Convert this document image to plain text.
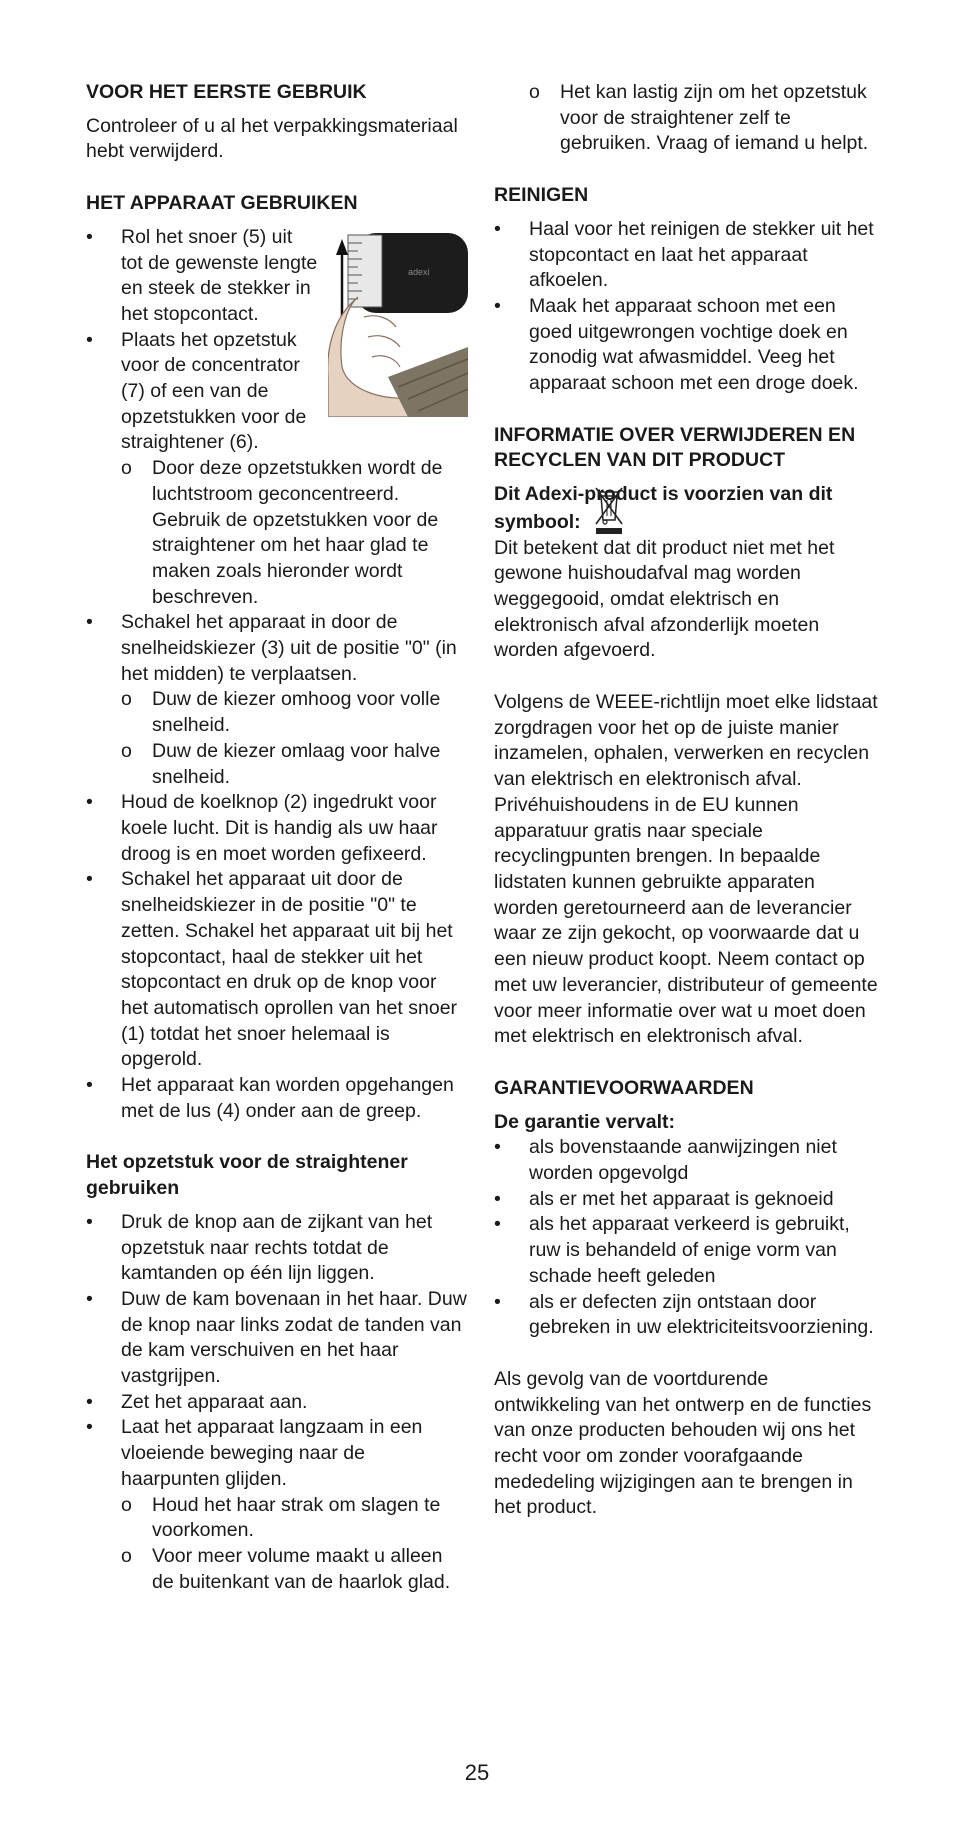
VOOR HET EERSTE GEBRUIK

Controleer of u al het verpakkingsmateriaal hebt verwijderd.

HET APPARAAT GEBRUIKEN
• adexi
Rol het snoer (5) uit tot de gewenste lengte en steek de stekker in het stopcontact.
• Plaats het opzetstuk voor de concentrator (7) of een van de opzetstukken voor de straightener (6).
o Door deze opzetstukken wordt de luchtstroom geconcentreerd. Gebruik de opzetstukken voor de straightener om het haar glad te maken zoals hieronder wordt beschreven.
• Schakel het apparaat in door de snelheidskiezer (3) uit de positie "0" (in het midden) te verplaatsen.
o Duw de kiezer omhoog voor volle snelheid.
o Duw de kiezer omlaag voor halve snelheid.
• Houd de koelknop (2) ingedrukt voor koele lucht. Dit is handig als uw haar droog is en moet worden gefixeerd.
• Schakel het apparaat uit door de snelheidskiezer in de positie "0" te zetten. Schakel het apparaat uit bij het stopcontact, haal de stekker uit het stopcontact en druk op de knop voor het automatisch oprollen van het snoer (1) totdat het snoer helemaal is opgerold.
• Het apparaat kan worden opgehangen met de lus (4) onder aan de greep.
Het opzetstuk voor de straightener gebruiken
• Druk de knop aan de zijkant van het opzetstuk naar rechts totdat de kamtanden op één lijn liggen.
• Duw de kam bovenaan in het haar. Duw de knop naar links zodat de tanden van de kam verschuiven en het haar vastgrijpen.
• Zet het apparaat aan.
• Laat het apparaat langzaam in een vloeiende beweging naar de haarpunten glijden.
o Houd het haar strak om slagen te voorkomen.
o Voor meer volume maakt u alleen de buitenkant van de haarlok glad.
o Het kan lastig zijn om het opzetstuk voor de straightener zelf te gebruiken. Vraag of iemand u helpt.
REINIGEN
• Haal voor het reinigen de stekker uit het stopcontact en laat het apparaat afkoelen.
• Maak het apparaat schoon met een goed uitgewrongen vochtige doek en zonodig wat afwasmiddel. Veeg het apparaat schoon met een droge doek.
INFORMATIE OVER VERWIJDEREN EN RECYCLEN VAN DIT PRODUCT

Dit Adexi-product is voorzien van dit

symbool:

Dit betekent dat dit product niet met het gewone huishoudafval mag worden weggegooid, omdat elektrisch en elektronisch afval afzonderlijk moeten worden afgevoerd.

Volgens de WEEE-richtlijn moet elke lidstaat zorgdragen voor het op de juiste manier inzamelen, ophalen, verwerken en recyclen van elektrisch en elektronisch afval. Privéhuishoudens in de EU kunnen apparatuur gratis naar speciale recyclingpunten brengen. In bepaalde lidstaten kunnen gebruikte apparaten worden geretourneerd aan de leverancier waar ze zijn gekocht, op voorwaarde dat u een nieuw product koopt. Neem contact op met uw leverancier, distributeur of gemeente voor meer informatie over wat u moet doen met elektrisch en elektronisch afval.

GARANTIEVOORWAARDEN

De garantie vervalt:

• als bovenstaande aanwijzingen niet worden opgevolgd
• als er met het apparaat is geknoeid
• als het apparaat verkeerd is gebruikt, ruw is behandeld of enige vorm van schade heeft geleden
• als er defecten zijn ontstaan door gebreken in uw elektriciteitsvoorziening.

Als gevolg van de voortdurende ontwikkeling van het ontwerp en de functies van onze producten behouden wij ons het recht voor om zonder voorafgaande mededeling wijzigingen aan te brengen in het product.

25
